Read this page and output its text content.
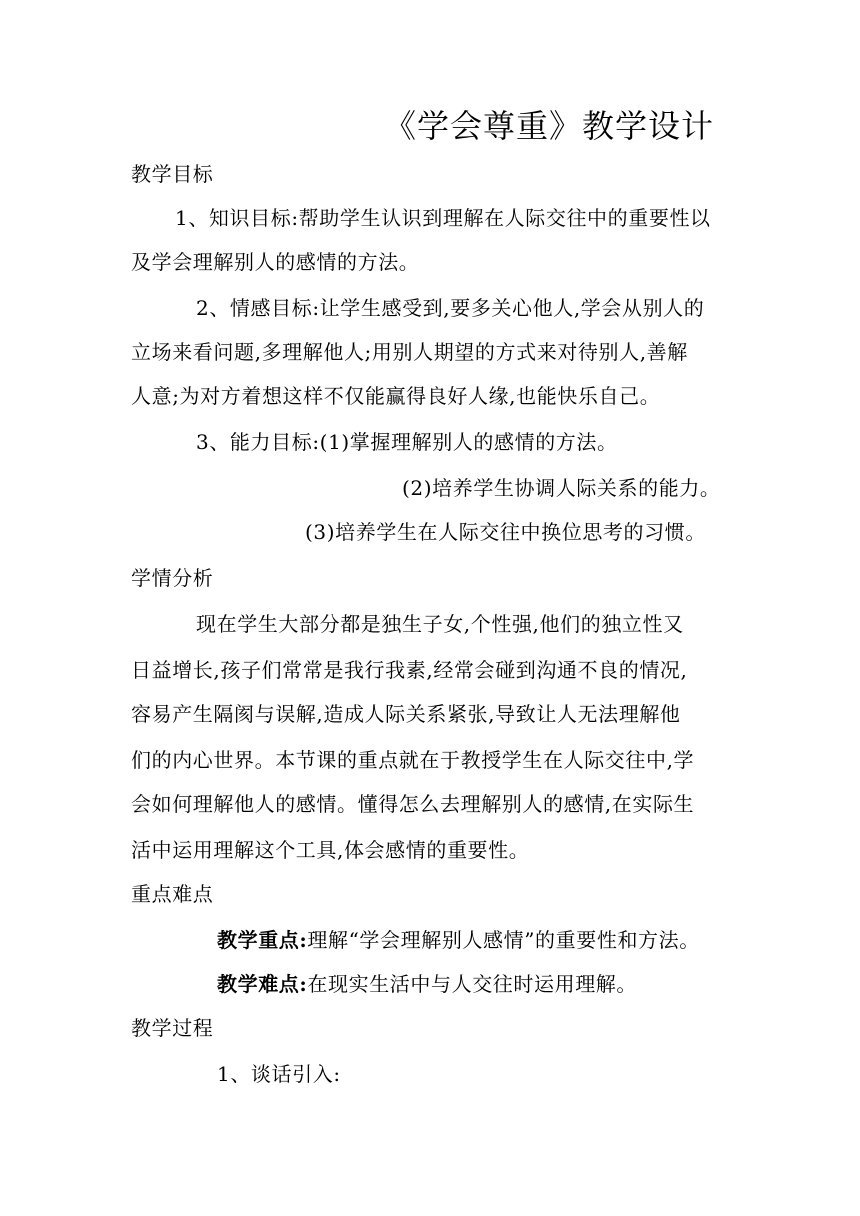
《学会尊重》教学设计
教学目标
1、知识目标:帮助学生认识到理解在人际交往中的重要性以
及学会理解别人的感情的方法。
2、情感目标:让学生感受到,要多关心他人,学会从别人的
立场来看问题,多理解他人;用别人期望的方式来对待别人,善解
人意;为对方着想这样不仅能赢得良好人缘,也能快乐自己。
3、能力目标:(1)掌握理解别人的感情的方法。
(2)培养学生协调人际关系的能力。
(3)培养学生在人际交往中换位思考的习惯。
学情分析
现在学生大部分都是独生子女,个性强,他们的独立性又
日益增长,孩子们常常是我行我素,经常会碰到沟通不良的情况,
容易产生隔阂与误解,造成人际关系紧张,导致让人无法理解他
们的内心世界。本节课的重点就在于教授学生在人际交往中,学
会如何理解他人的感情。懂得怎么去理解别人的感情,在实际生
活中运用理解这个工具,体会感情的重要性。
重点难点
教学重点:理解“学会理解别人感情”的重要性和方法。
教学难点:在现实生活中与人交往时运用理解。
教学过程
1、谈话引入:
